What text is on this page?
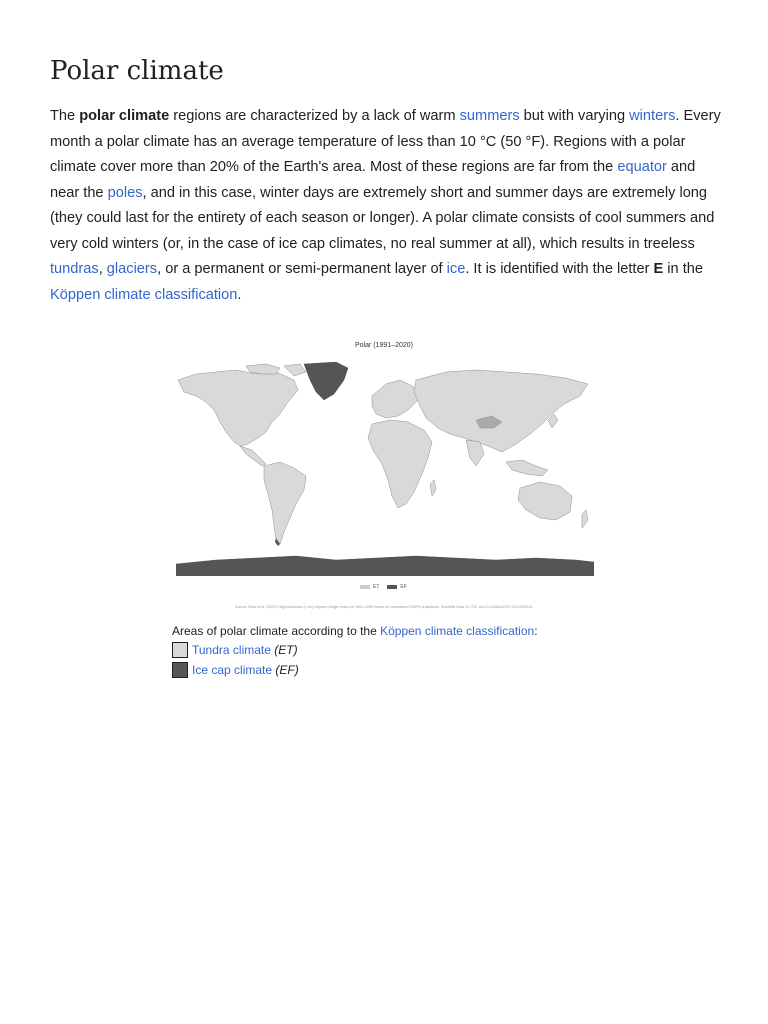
Polar climate

The polar climate regions are characterized by a lack of warm summers but with varying winters. Every month a polar climate has an average temperature of less than 10 °C (50 °F). Regions with a polar climate cover more than 20% of the Earth's area. Most of these regions are far from the equator and near the poles, and in this case, winter days are extremely short and summer days are extremely long (they could last for the entirety of each season or longer). A polar climate consists of cool summers and very cold winters (or, in the case of ice cap climates, no real summer at all), which results in treeless tundras, glaciers, or a permanent or semi-permanent layer of ice. It is identified with the letter E in the Köppen climate classification.

Polar (1991–2020)
ET	EF
Source: Beck et al. (2023): High-resolution (1 km) Köppen-Geiger maps for 1901–2099 based on constrained CMIP6 projections. Scientific Data 10, 724, doi:10.1038/s41597-023-02549-6.
Areas of polar climate according to the Köppen climate classification:
Tundra climate
(ET)
Ice cap climate
(EF)
